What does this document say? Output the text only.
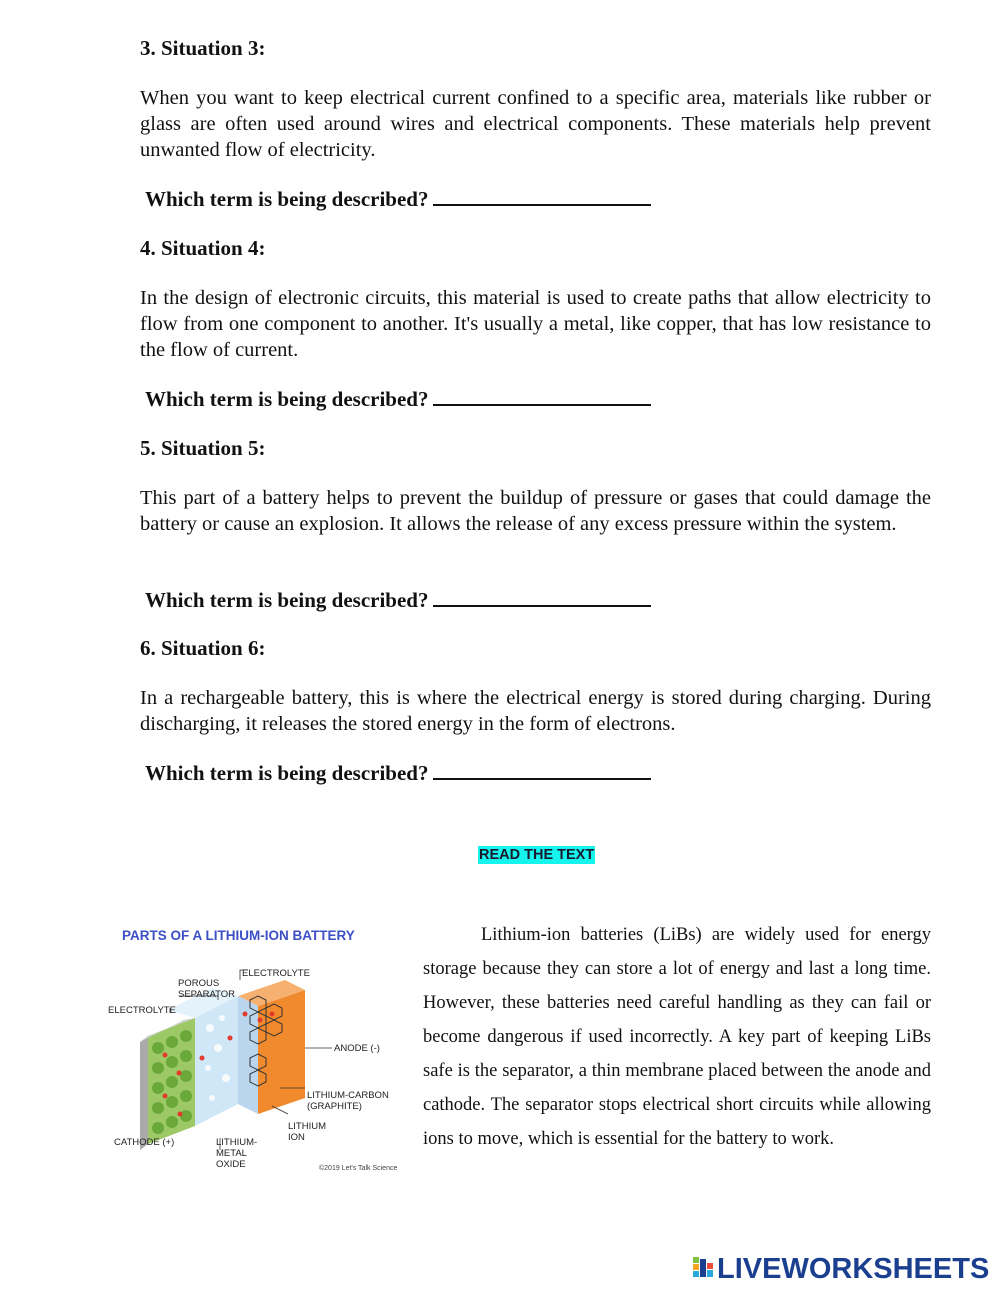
3. Situation 3:
When you want to keep electrical current confined to a specific area, materials like rubber or glass are often used around wires and electrical components. These materials help prevent unwanted flow of electricity.
Which term is being described?
4. Situation 4:
In the design of electronic circuits, this material is used to create paths that allow electricity to flow from one component to another. It's usually a metal, like copper, that has low resistance to the flow of current.
Which term is being described?
5. Situation 5:
This part of a battery helps to prevent the buildup of pressure or gases that could damage the battery or cause an explosion. It allows the release of any excess pressure within the system.
Which term is being described?
6. Situation 6:
In a rechargeable battery, this is where the electrical energy is stored during charging. During discharging, it releases the stored energy in the form of electrons.
Which term is being described?
READ THE TEXT
PARTS OF A LITHIUM-ION BATTERY
ELECTROLYTE
POROUS
SEPARATOR
ELECTROLYTE
ANODE (-)
LITHIUM-CARBON
(GRAPHITE)
LITHIUM
ION
CATHODE (+)	LITHIUM-
METAL
OXIDE	©2019 Let's Talk Science
Lithium-ion batteries (LiBs) are widely used for energy storage because they can store a lot of energy and last a long time. However, these batteries need careful handling as they can fail or become dangerous if used incorrectly. A key part of keeping LiBs safe is the separator, a thin membrane placed between the anode and cathode. The separator stops electrical short circuits while allowing ions to move, which is essential for the battery to work.
LIVEWORKSHEETS
